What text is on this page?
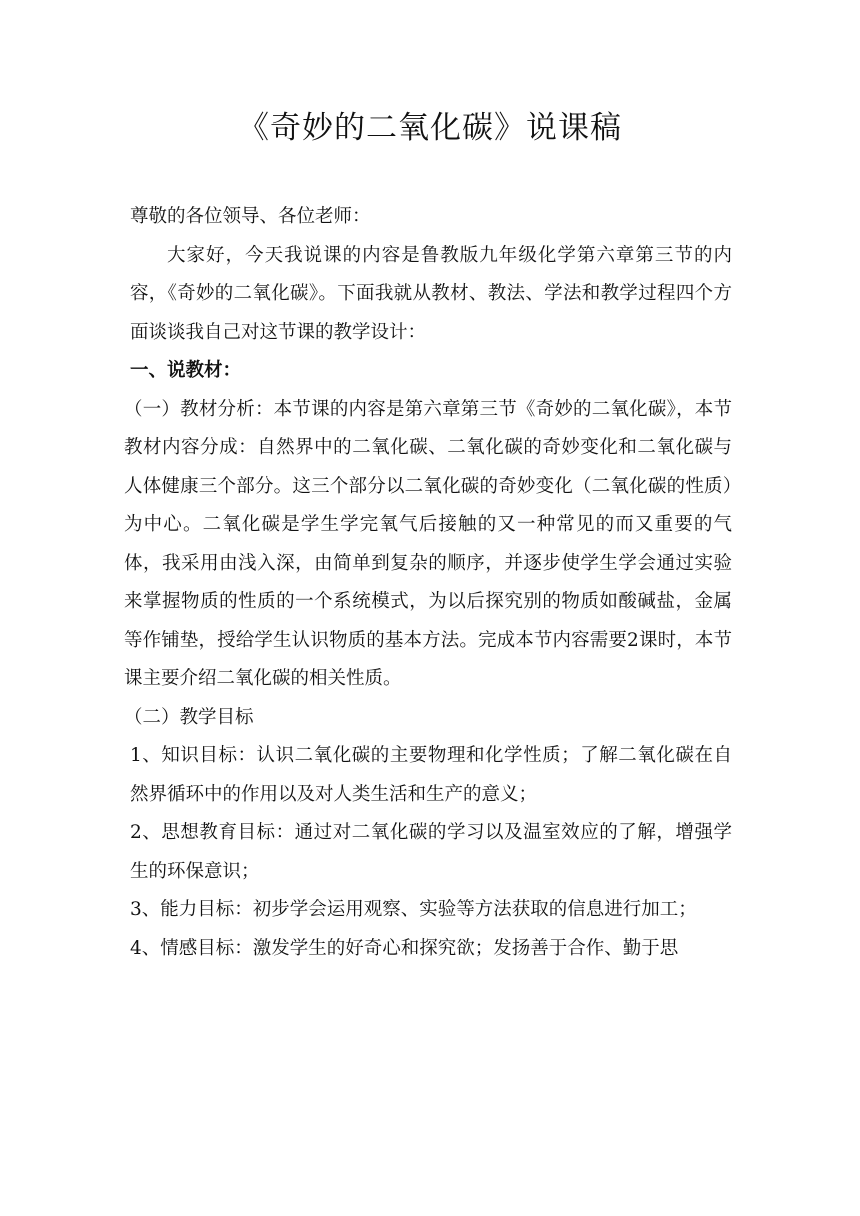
《奇妙的二氧化碳》说课稿

尊敬的各位领导、各位老师：

大家好，今天我说课的内容是鲁教版九年级化学第六章第三节的内容，《奇妙的二氧化碳》。下面我就从教材、教法、学法和教学过程四个方面谈谈我自己对这节课的教学设计：

一、说教材：

（一）教材分析：本节课的内容是第六章第三节《奇妙的二氧化碳》，本节教材内容分成：自然界中的二氧化碳、二氧化碳的奇妙变化和二氧化碳与人体健康三个部分。这三个部分以二氧化碳的奇妙变化（二氧化碳的性质）为中心。二氧化碳是学生学完氧气后接触的又一种常见的而又重要的气体，我采用由浅入深，由简单到复杂的顺序，并逐步使学生学会通过实验来掌握物质的性质的一个系统模式，为以后探究别的物质如酸碱盐，金属等作铺垫，授给学生认识物质的基本方法。完成本节内容需要2课时，本节课主要介绍二氧化碳的相关性质。

（二）教学目标

1、知识目标：认识二氧化碳的主要物理和化学性质；了解二氧化碳在自然界循环中的作用以及对人类生活和生产的意义；

2、思想教育目标：通过对二氧化碳的学习以及温室效应的了解，增强学生的环保意识；

3、能力目标：初步学会运用观察、实验等方法获取的信息进行加工；

4、情感目标：激发学生的好奇心和探究欲；发扬善于合作、勤于思
